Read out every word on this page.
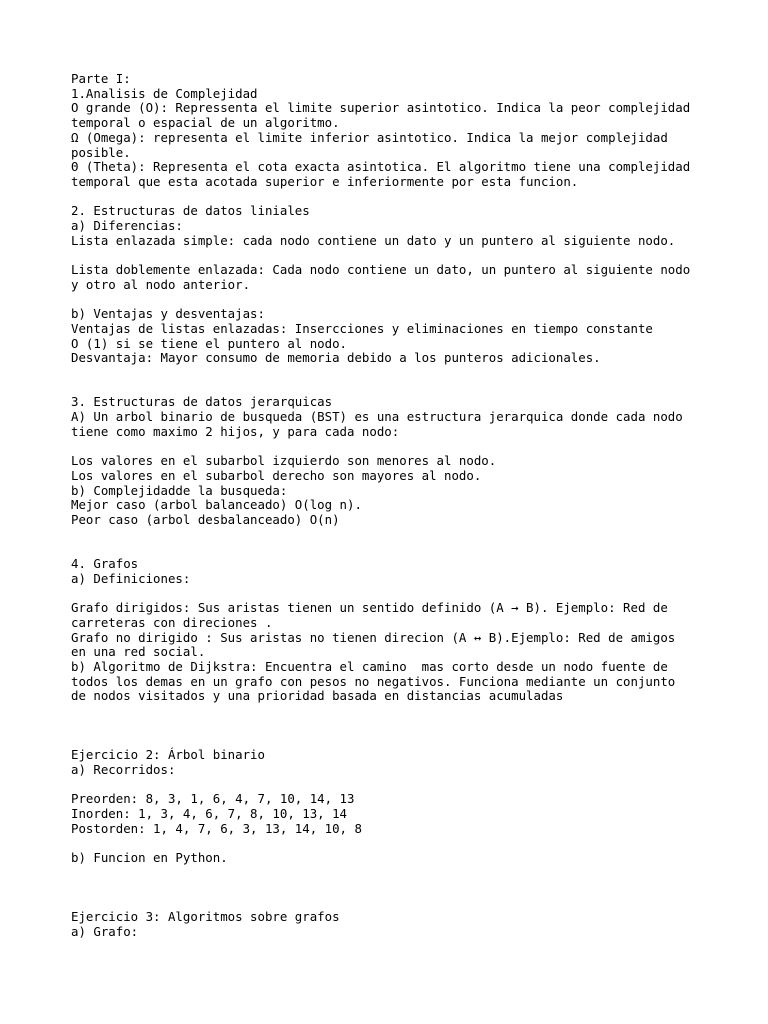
Parte I:
1.Analisis de Complejidad
O grande (O): Repressenta el limite superior asintotico. Indica la peor complejidad
temporal o espacial de un algoritmo.
Ω (Omega): representa el limite inferior asintotico. Indica la mejor complejidad
posible.
Θ (Theta): Representa el cota exacta asintotica. El algoritmo tiene una complejidad
temporal que esta acotada superior e inferiormente por esta funcion.
2. Estructuras de datos liniales
a) Diferencias:
Lista enlazada simple: cada nodo contiene un dato y un puntero al siguiente nodo.
Lista doblemente enlazada: Cada nodo contiene un dato, un puntero al siguiente nodo
y otro al nodo anterior.
b) Ventajas y desventajas:
Ventajas de listas enlazadas: Insercciones y eliminaciones en tiempo constante
O (1) si se tiene el puntero al nodo.
Desvantaja: Mayor consumo de memoria debido a los punteros adicionales.
3. Estructuras de datos jerarquicas
A) Un arbol binario de busqueda (BST) es una estructura jerarquica donde cada nodo
tiene como maximo 2 hijos, y para cada nodo:
Los valores en el subarbol izquierdo son menores al nodo.
Los valores en el subarbol derecho son mayores al nodo.
b) Complejidadde la busqueda:
Mejor caso (arbol balanceado) O(log n).
Peor caso (arbol desbalanceado) O(n)
4. Grafos
a) Definiciones:
Grafo dirigidos: Sus aristas tienen un sentido definido (A → B). Ejemplo: Red de
carreteras con direciones .
Grafo no dirigido : Sus aristas no tienen direcion (A ↔ B).Ejemplo: Red de amigos
en una red social.
b) Algoritmo de Dijkstra: Encuentra el camino  mas corto desde un nodo fuente de
todos los demas en un grafo con pesos no negativos. Funciona mediante un conjunto
de nodos visitados y una prioridad basada en distancias acumuladas
Ejercicio 2: Árbol binario
a) Recorridos:
Preorden: 8, 3, 1, 6, 4, 7, 10, 14, 13
Inorden: 1, 3, 4, 6, 7, 8, 10, 13, 14
Postorden: 1, 4, 7, 6, 3, 13, 14, 10, 8
b) Funcion en Python.
Ejercicio 3: Algoritmos sobre grafos
a) Grafo:
